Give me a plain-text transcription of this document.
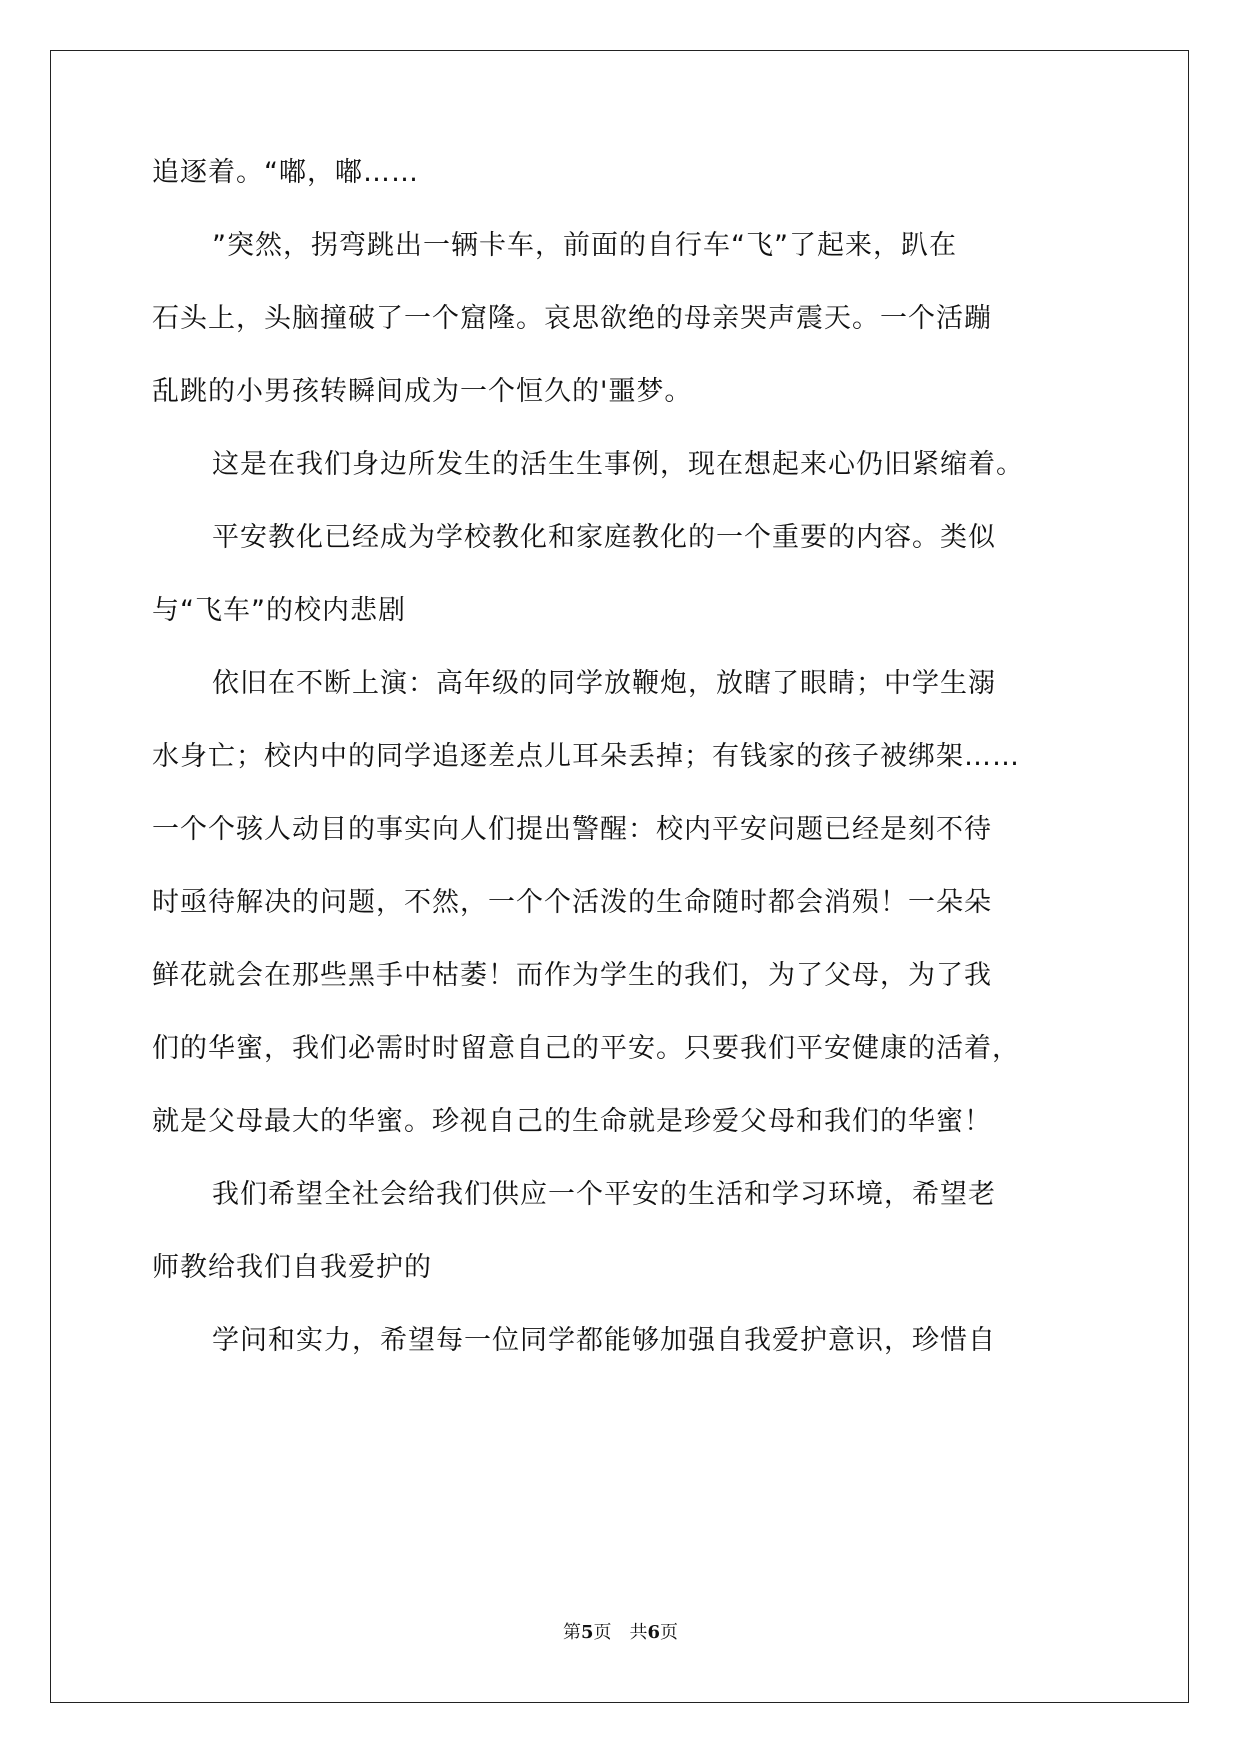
追逐着。“嘟，嘟……
”突然，拐弯跳出一辆卡车，前面的自行车“飞”了起来，趴在
石头上，头脑撞破了一个窟隆。哀思欲绝的母亲哭声震天。一个活蹦
乱跳的小男孩转瞬间成为一个恒久的'噩梦。
这是在我们身边所发生的活生生事例，现在想起来心仍旧紧缩着。
平安教化已经成为学校教化和家庭教化的一个重要的内容。类似
与“飞车”的校内悲剧
依旧在不断上演：高年级的同学放鞭炮，放瞎了眼睛；中学生溺
水身亡；校内中的同学追逐差点儿耳朵丢掉；有钱家的孩子被绑架……
一个个骇人动目的事实向人们提出警醒：校内平安问题已经是刻不待
时亟待解决的问题，不然，一个个活泼的生命随时都会消殒！一朵朵
鲜花就会在那些黑手中枯萎！而作为学生的我们，为了父母，为了我
们的华蜜，我们必需时时留意自己的平安。只要我们平安健康的活着，
就是父母最大的华蜜。珍视自己的生命就是珍爱父母和我们的华蜜！
我们希望全社会给我们供应一个平安的生活和学习环境，希望老
师教给我们自我爱护的
学问和实力，希望每一位同学都能够加强自我爱护意识，珍惜自
第5页 共6页
